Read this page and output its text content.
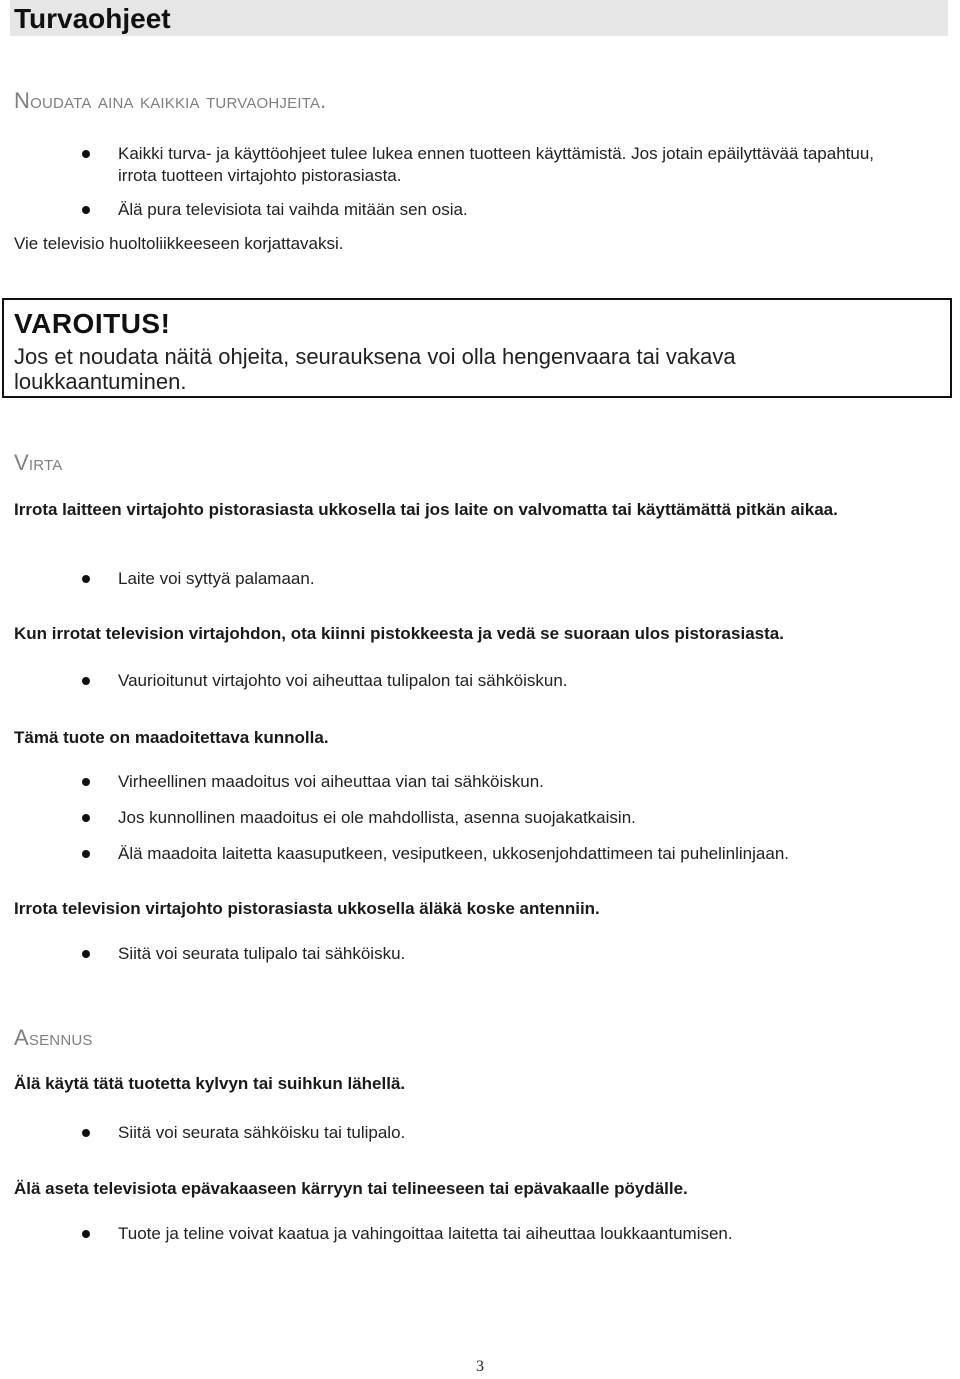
Turvaohjeet
Noudata aina kaikkia turvaohjeita.
Kaikki turva- ja käyttöohjeet tulee lukea ennen tuotteen käyttämistä. Jos jotain epäilyttävää tapahtuu, irrota tuotteen virtajohto pistorasiasta.
Älä pura televisiota tai vaihda mitään sen osia.

Vie televisio huoltoliikkeeseen korjattavaksi.

VAROITUS!

Jos et noudata näitä ohjeita, seurauksena voi olla hengenvaara tai vakava loukkaantuminen.

Virta

Irrota laitteen virtajohto pistorasiasta ukkosella tai jos laite on valvomatta tai käyttämättä pitkän aikaa.

Laite voi syttyä palamaan.

Kun irrotat television virtajohdon, ota kiinni pistokkeesta ja vedä se suoraan ulos pistorasiasta.

Vaurioitunut virtajohto voi aiheuttaa tulipalon tai sähköiskun.

Tämä tuote on maadoitettava kunnolla.

Virheellinen maadoitus voi aiheuttaa vian tai sähköiskun.
Jos kunnollinen maadoitus ei ole mahdollista, asenna suojakatkaisin.
Älä maadoita laitetta kaasuputkeen, vesiputkeen, ukkosenjohdattimeen tai puhelinlinjaan.

Irrota television virtajohto pistorasiasta ukkosella äläkä koske antenniin.

Siitä voi seurata tulipalo tai sähköisku.
Asennus

Älä käytä tätä tuotetta kylvyn tai suihkun lähellä.

Siitä voi seurata sähköisku tai tulipalo.

Älä aseta televisiota epävakaaseen kärryyn tai telineeseen tai epävakaalle pöydälle.

Tuote ja teline voivat kaatua ja vahingoittaa laitetta tai aiheuttaa loukkaantumisen.
3
